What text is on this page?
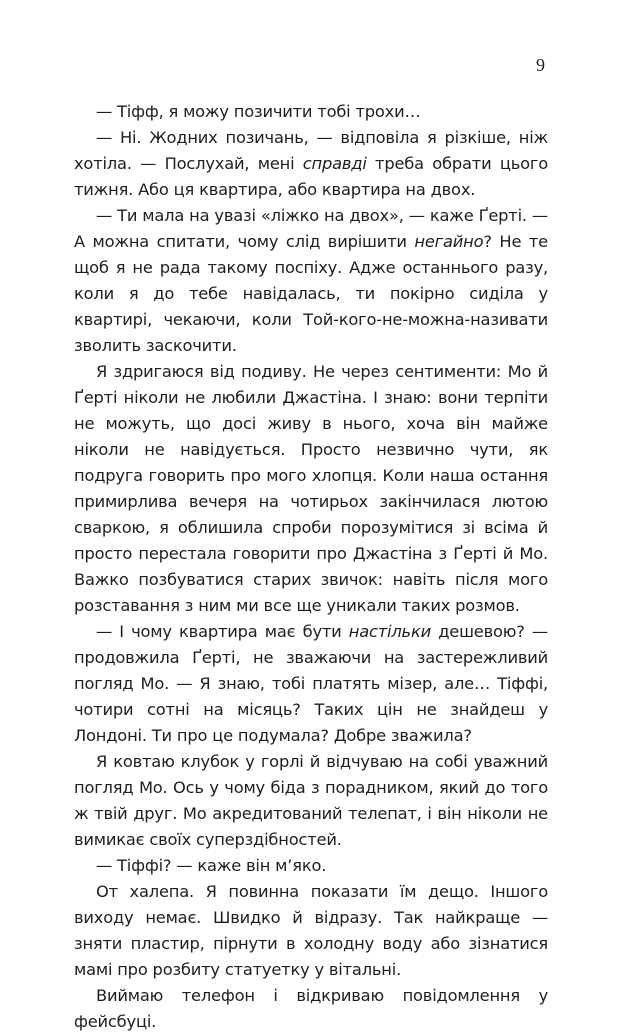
9

— Тіфф, я можу позичити тобі трохи…

— Ні. Жодних позичань, — відповіла я різкіше, ніж хотіла. — Послухай, мені справді треба обрати цього тижня. Або ця квартира, або квартира на двох.

— Ти мала на увазі «ліжко на двох», — каже Ґерті. — А можна спитати, чому слід вирішити негайно? Не те щоб я не рада такому поспіху. Адже останнього разу, коли я до тебе навідалась, ти покірно сиділа у квартирі, чекаючи, коли Той-кого-не-можна-називати зволить заскочити.

Я здригаюся від подиву. Не через сентименти: Мо й Ґерті ніколи не любили Джастіна. І знаю: вони терпіти не можуть, що досі живу в нього, хоча він майже ніколи не навідується. Просто незвично чути, як подруга говорить про мого хлопця. Коли наша остання примирлива вечеря на чотирьох закінчилася лютою сваркою, я облишила спроби порозумітися зі всіма й просто перестала говорити про Джастіна з Ґерті й Мо. Важко позбуватися старих звичок: навіть після мого розставання з ним ми все ще уникали таких розмов.

— І чому квартира має бути настільки дешевою? — продовжила Ґерті, не зважаючи на застережливий погляд Мо. — Я знаю, тобі платять мізер, але… Тіффі, чотири сотні на місяць? Таких цін не знайдеш у Лондоні. Ти про це подумала? Добре зважила?

Я ковтаю клубок у горлі й відчуваю на собі уважний погляд Мо. Ось у чому біда з порадником, який до того ж твій друг. Мо акредитований телепат, і він ніколи не вимикає своїх суперздібностей.

— Тіффі? — каже він м’яко.

От халепа. Я повинна показати їм дещо. Іншого виходу немає. Швидко й відразу. Так найкраще — зняти пластир, пірнути в холодну воду або зізнатися мамі про розбиту статуетку у вітальні.

Виймаю телефон і відкриваю повідомлення у фейсбуці.
